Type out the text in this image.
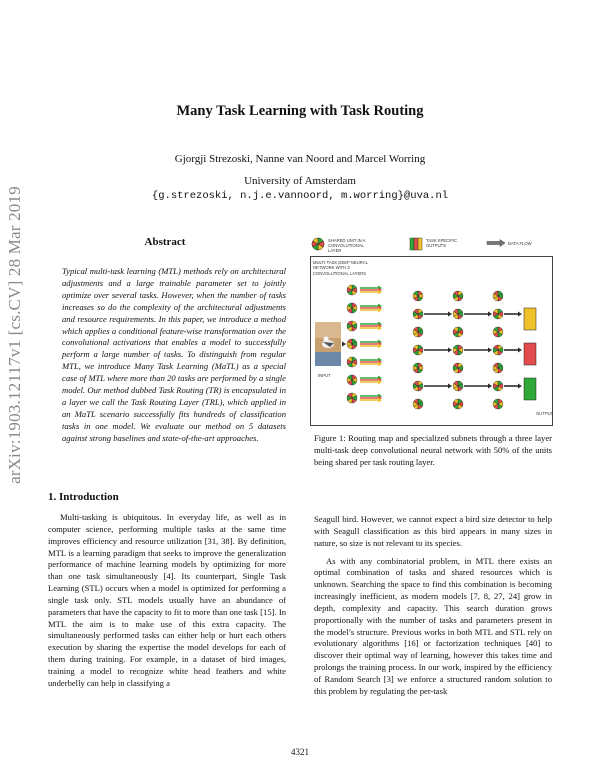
arXiv:1903.12117v1 [cs.CV] 28 Mar 2019
Many Task Learning with Task Routing
Gjorgji Strezoski, Nanne van Noord and Marcel Worring
University of Amsterdam
{g.strezoski, n.j.e.vannoord, m.worring}@uva.nl
Abstract
Typical multi-task learning (MTL) methods rely on architectural adjustments and a large trainable parameter set to jointly optimize over several tasks. However, when the number of tasks increases so do the complexity of the architectural adjustments and resource requirements. In this paper, we introduce a method which applies a conditional feature-wise transformation over the convolutional activations that enables a model to successfully perform a large number of tasks. To distinguish from regular MTL, we introduce Many Task Learning (MaTL) as a special case of MTL where more than 20 tasks are performed by a single model. Our method dubbed Task Routing (TR) is encapsulated in a layer we call the Task Routing Layer (TRL), which applied in an MaTL scenario successfully fits hundreds of classification tasks in one model. We evaluate our method on 5 datasets against strong baselines and state-of-the-art approaches.
SHARED UNIT IN A CONVOLUTIONAL LAYER
TASK SPECIFIC OUTPUTS	DATA FLOW
MULTI-TASK DEEP NEURAL NETWORK WITH 3 CONVOLUTIONAL LAYERS
INPUT
OUTPUT
Figure 1: Routing map and specialized subnets through a three layer multi-task deep convolutional neural network with 50% of the units being shared per task routing layer.
1. Introduction

Multi-tasking is ubiquitous. In everyday life, as well as in computer science, performing multiple tasks at the same time improves efficiency and resource utilization [31, 38]. By definition, MTL is a learning paradigm that seeks to improve the generalization performance of machine learning models by optimizing for more than one task simultaneously [4]. Its counterpart, Single Task Learning (STL) occurs when a model is optimized for performing a single task only. STL models usually have an abundance of parameters that have the capacity to fit to more than one task [15]. In MTL the aim is to make use of this extra capacity. The simultaneously performed tasks can either help or hurt each others execution by sharing the expertise the model develops for each of them during training. For example, in a dataset of bird images, training a model to recognize white head feathers and white underbelly can help in classifying a

Seagull bird. However, we cannot expect a bird size detector to help with Seagull classification as this bird appears in many sizes in nature, so size is not relevant to its species.

As with any combinatorial problem, in MTL there exists an optimal combination of tasks and shared resources which is unknown. Searching the space to find this combination is becoming increasingly inefficient, as modern models [7, 8, 27, 24] grow in depth, complexity and capacity. This search duration grows proportionally with the number of tasks and parameters present in the model’s structure. Previous works in both MTL and STL rely on evolutionary algorithms [16] or factorization techniques [40] to discover their optimal way of learning, however this takes time and prolongs the training process. In our work, inspired by the efficiency of Random Search [3] we enforce a structured random solution to this problem by regulating the per-task

4321
